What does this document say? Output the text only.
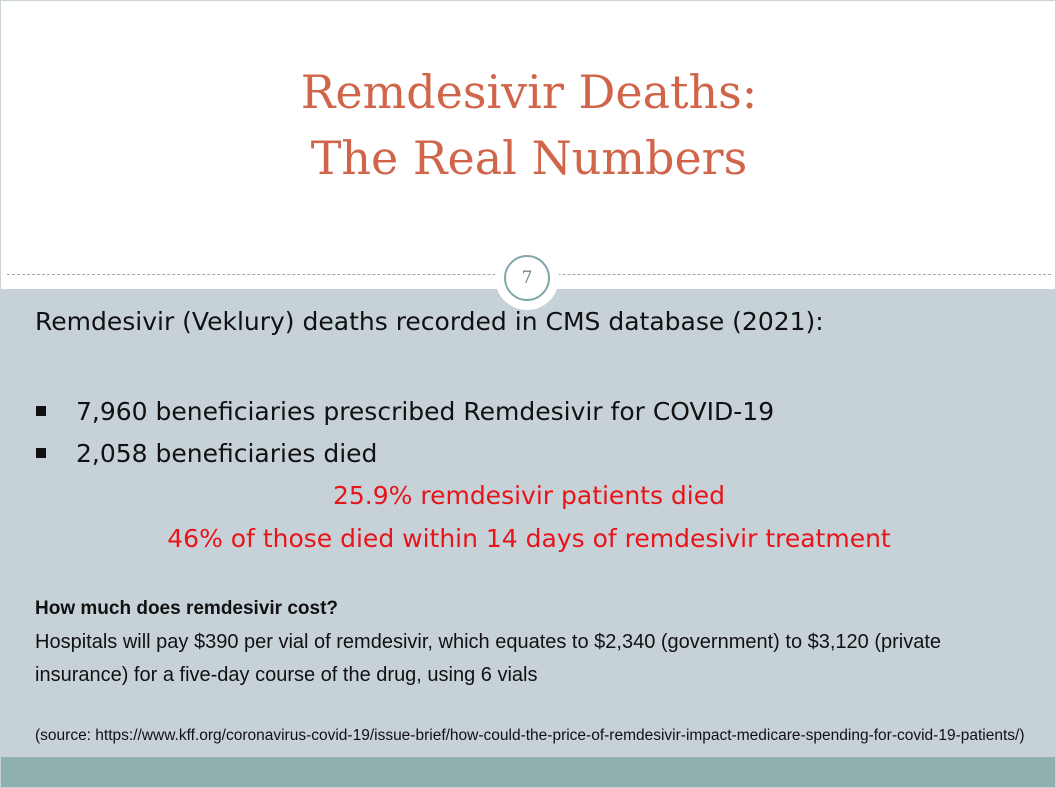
Remdesivir Deaths:
The Real Numbers
7

Remdesivir (Veklury) deaths recorded in CMS database (2021):

7,960 beneficiaries prescribed Remdesivir for COVID-19
2,058 beneficiaries died

25.9% remdesivir patients died

46% of those died within 14 days of remdesivir treatment

How much does remdesivir cost?

Hospitals will pay $390 per vial of remdesivir, which equates to $2,340 (government) to $3,120 (private insurance) for a five-day course of the drug, using 6 vials

(source: https://www.kff.org/coronavirus-covid-19/issue-brief/how-could-the-price-of-remdesivir-impact-medicare-spending-for-covid-19-patients/)
